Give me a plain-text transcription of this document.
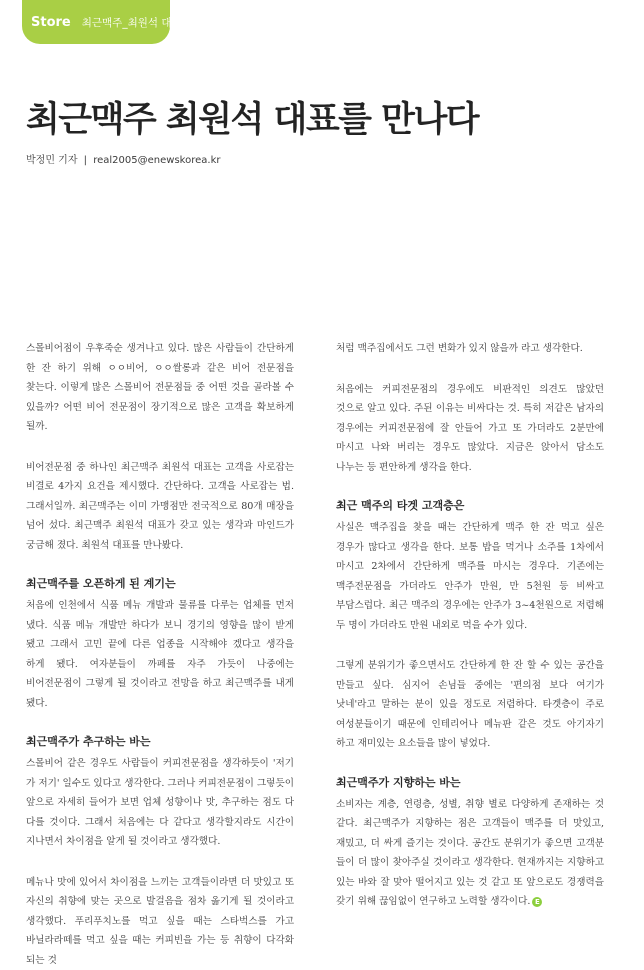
Store 최근맥주_최원석 대표
최근맥주 최원석 대표를 만나다
박정민 기자 | real2005@enewskorea.kr

스몰비어점이 우후죽순 생겨나고 있다. 많은 사람들이 간단하게 한 잔 하기 위해 ㅇㅇ비어, ㅇㅇ쌀롱과 같은 비어 전문점을 찾는다. 이렇게 많은 스몰비어 전문점들 중 어떤 것을 골라볼 수 있을까? 어떤 비어 전문점이 장기적으로 많은 고객을 확보하게 될까.

비어전문점 중 하나인 최근맥주 최원석 대표는 고객을 사로잡는 비결로 4가지 요건을 제시했다. 간단하다. 고객을 사로잡는 법. 그래서일까. 최근맥주는 이미 가맹점만 전국적으로 80개 매장을 넘어 섰다. 최근맥주 최원석 대표가 갖고 있는 생각과 마인드가 궁금해 졌다. 최원석 대표를 만나봤다.

최근맥주를 오픈하게 된 계기는

처음에 인천에서 식품 메뉴 개발과 물류를 다루는 업체를 먼저 냈다. 식품 메뉴 개발만 하다가 보니 경기의 영향을 많이 받게 됐고 그래서 고민 끝에 다른 업종을 시작해야 겠다고 생각을 하게 됐다. 여자분들이 까페를 자주 가듯이 나중에는 비어전문점이 그렇게 될 것이라고 전망을 하고 최근맥주를 내게 됐다.

최근맥주가 추구하는 바는

스몰비어 같은 경우도 사람들이 커피전문점을 생각하듯이 '저기 가 저기' 일수도 있다고 생각한다. 그러나 커피전문점이 그렇듯이 앞으로 자세히 들어가 보면 업체 성향이나 맛, 추구하는 점도 다 다를 것이다. 그래서 처음에는 다 같다고 생각할지라도 시간이 지나면서 차이점을 알게 될 것이라고 생각했다.

메뉴나 맛에 있어서 차이점을 느끼는 고객들이라면 더 맛있고 또 자신의 취향에 맞는 곳으로 발걸음을 점차 옮기게 될 것이라고 생각했다. 푸리푸치노를 먹고 싶을 때는 스타벅스를 가고 바닐라라떼를 먹고 싶을 때는 커피빈을 가는 등 취향이 다각화 되는 것

처럼 맥주집에서도 그런 변화가 있지 않을까 라고 생각한다.

처음에는 커피전문점의 경우에도 비판적인 의견도 많았던 것으로 알고 있다. 주된 이유는 비싸다는 것. 특히 저같은 남자의 경우에는 커피전문점에 잘 안들어 가고 또 가더라도 2분만에 마시고 나와 버리는 경우도 많았다. 지금은 앉아서 담소도 나누는 등 편안하게 생각을 한다.

최근 맥주의 타겟 고객층은

사실은 맥주집을 찾을 때는 간단하게 맥주 한 잔 먹고 싶은 경우가 많다고 생각을 한다. 보통 밥을 먹거나 소주를 1차에서 마시고 2차에서 간단하게 맥주를 마시는 경우다. 기존에는 맥주전문점을 가더라도 안주가 만원, 만 5천원 등 비싸고 부담스럽다. 최근 맥주의 경우에는 안주가 3~4천원으로 저렴해 두 명이 가더라도 만원 내외로 먹을 수가 있다.

그렇게 분위기가 좋으면서도 간단하게 한 잔 할 수 있는 공간을 만들고 싶다. 심지어 손님들 중에는 '편의점 보다 여기가 낫네'라고 말하는 분이 있을 정도로 저렴하다. 타겟층이 주로 여성분들이기 때문에 인테리어나 메뉴판 같은 것도 아기자기 하고 재미있는 요소들을 많이 넣었다.

최근맥주가 지향하는 바는

소비자는 계층, 연령층, 성별, 취향 별로 다양하게 존재하는 것 같다. 최근맥주가 지향하는 점은 고객들이 맥주를 더 맛있고, 재밌고, 더 싸게 즐기는 것이다. 공간도 분위기가 좋으면 고객분 들이 더 많이 찾아주실 것이라고 생각한다. 현재까지는 지향하고 있는 바와 잘 맞아 떨어지고 있는 것 같고 또 앞으로도 경쟁력을 갖기 위해 끊임없이 연구하고 노력할 생각이다. E
